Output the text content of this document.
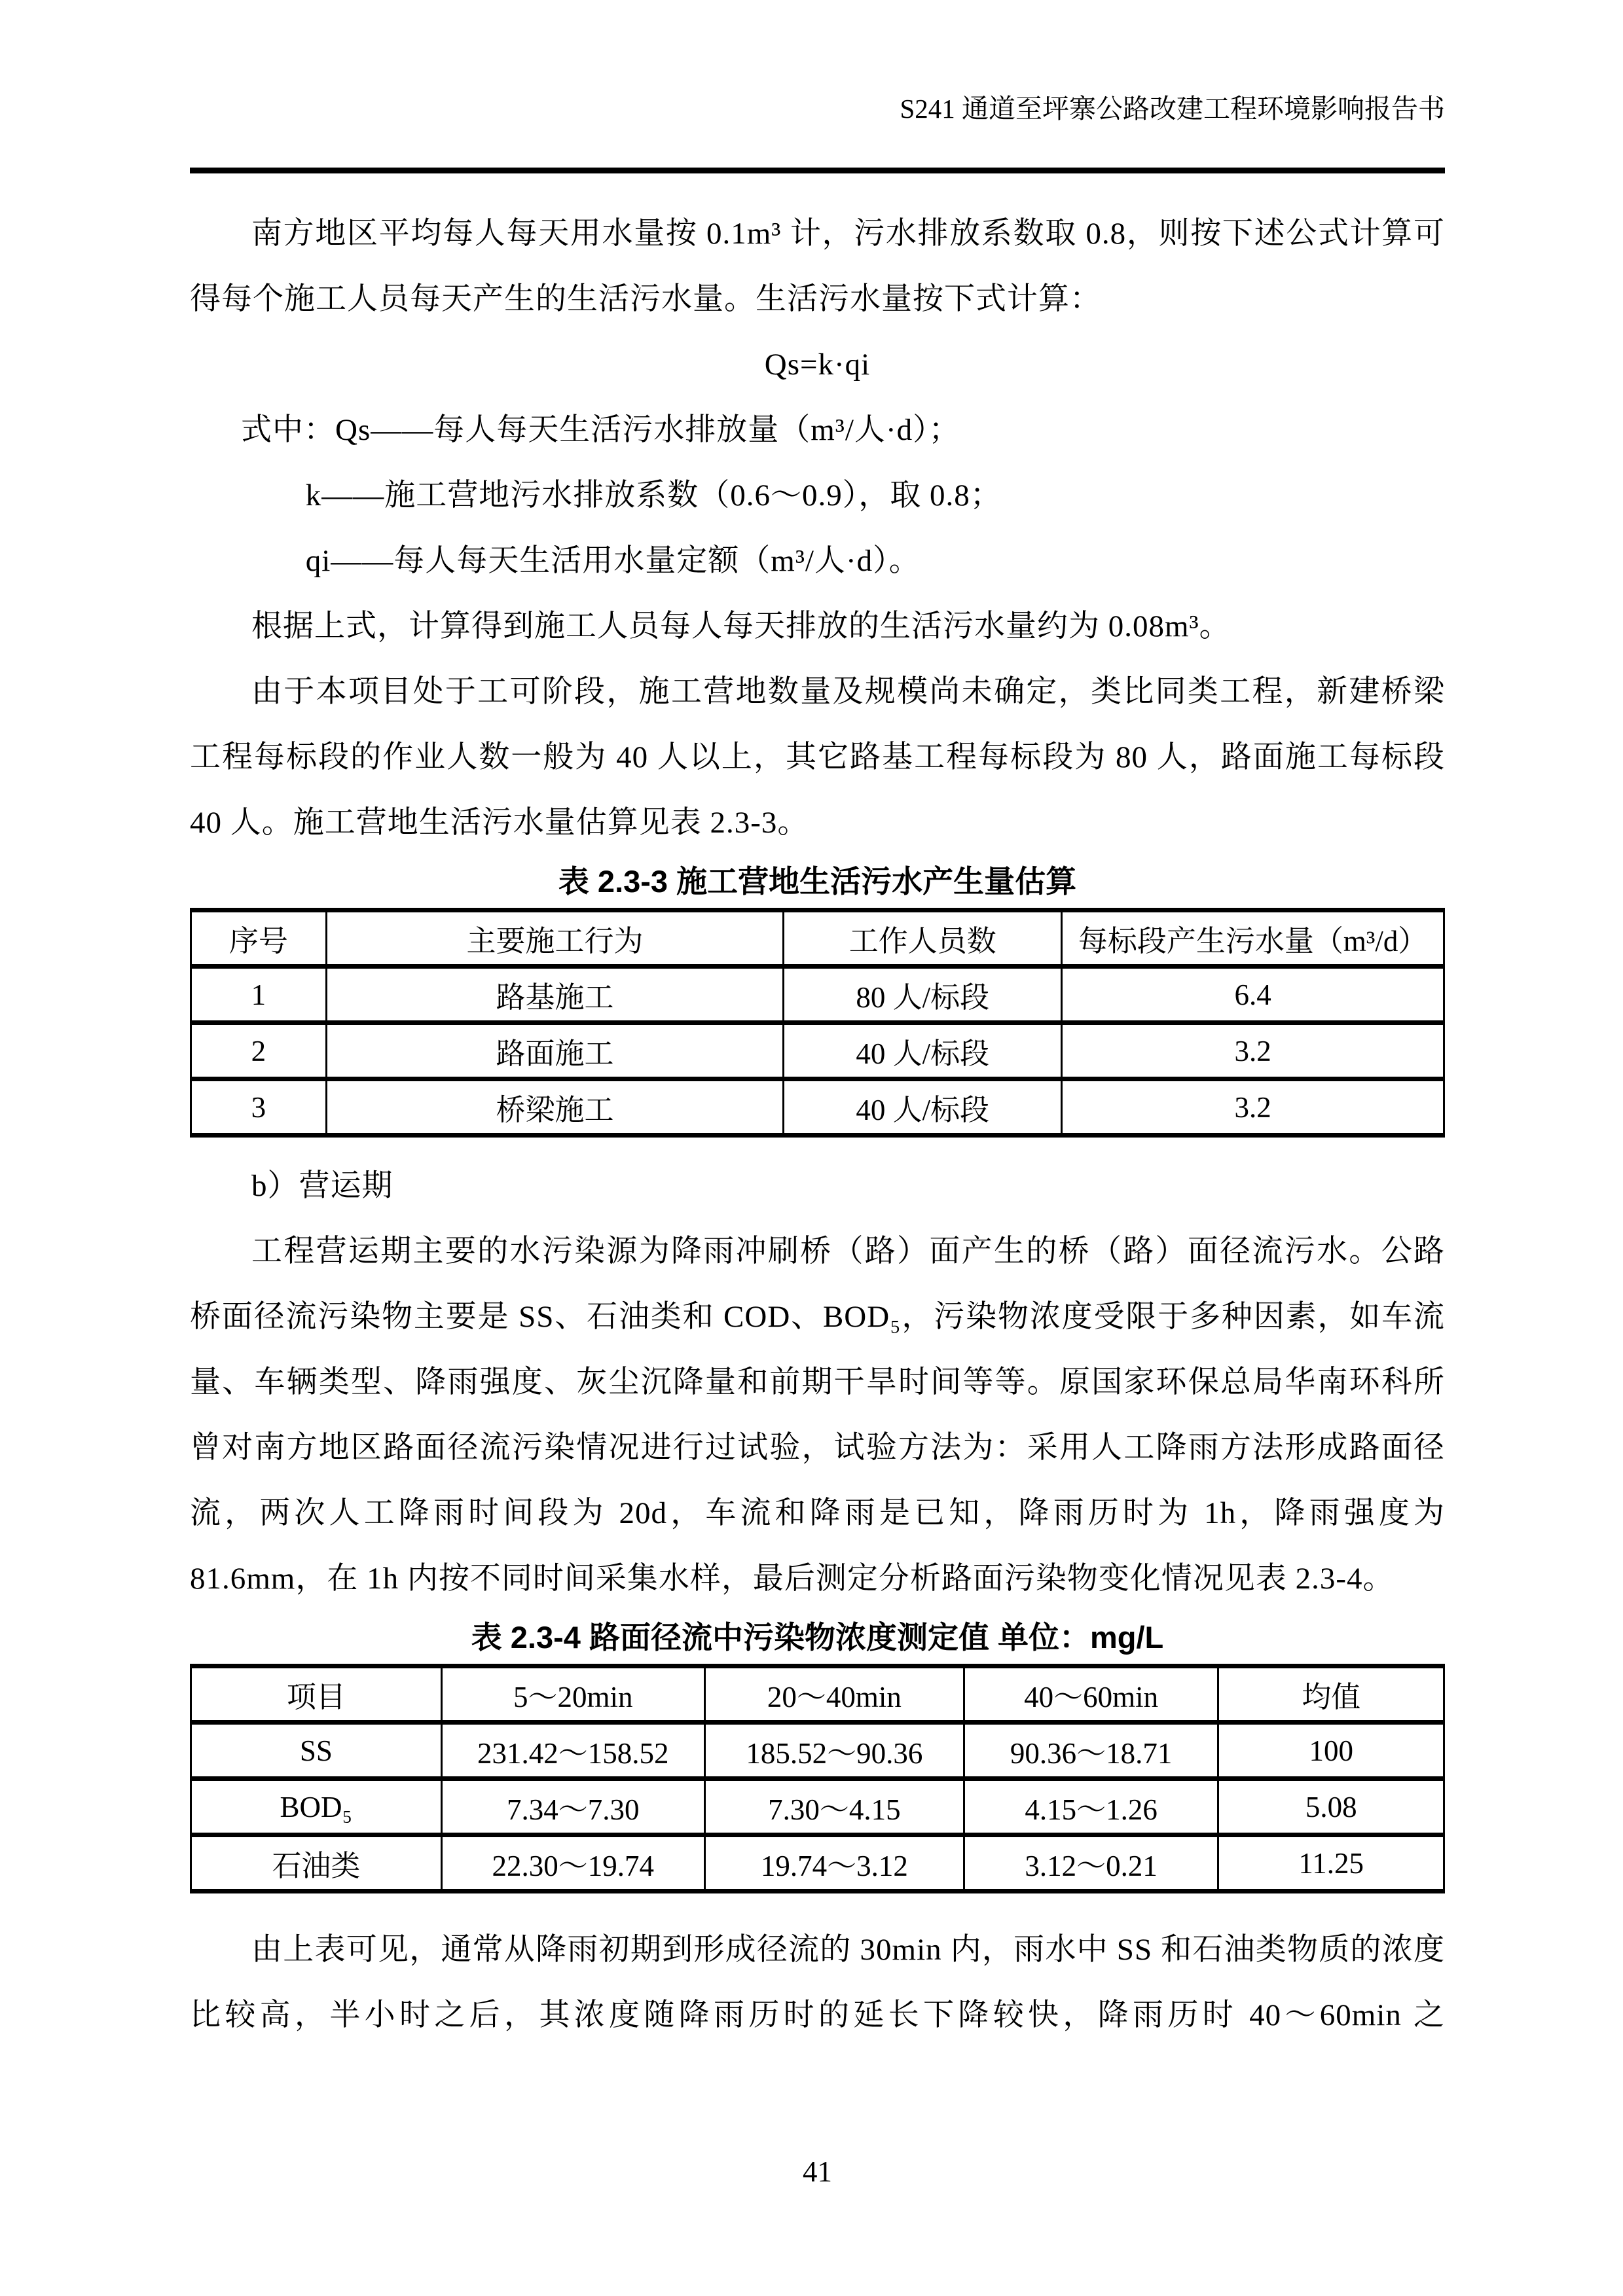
S241 通道至坪寨公路改建工程环境影响报告书

南方地区平均每人每天用水量按 0.1m³ 计，污水排放系数取 0.8，则按下述公式计算可得每个施工人员每天产生的生活污水量。生活污水量按下式计算：

Qs=k·qi

式中：Qs——每人每天生活污水排放量（m³/人·d）；

k——施工营地污水排放系数（0.6～0.9），取 0.8；

qi——每人每天生活用水量定额（m³/人·d）。

根据上式，计算得到施工人员每人每天排放的生活污水量约为 0.08m³。

由于本项目处于工可阶段，施工营地数量及规模尚未确定，类比同类工程，新建桥梁工程每标段的作业人数一般为 40 人以上，其它路基工程每标段为 80 人，路面施工每标段 40 人。施工营地生活污水量估算见表 2.3-3。

表 2.3-3 施工营地生活污水产生量估算

序号	主要施工行为	工作人员数	每标段产生污水量（m³/d）
1	路基施工	80 人/标段	6.4
2	路面施工	40 人/标段	3.2
3	桥梁施工	40 人/标段	3.2

b）营运期

工程营运期主要的水污染源为降雨冲刷桥（路）面产生的桥（路）面径流污水。公路桥面径流污染物主要是 SS、石油类和 COD、BOD₅，污染物浓度受限于多种因素，如车流量、车辆类型、降雨强度、灰尘沉降量和前期干旱时间等等。原国家环保总局华南环科所曾对南方地区路面径流污染情况进行过试验，试验方法为：采用人工降雨方法形成路面径流，两次人工降雨时间段为 20d，车流和降雨是已知，降雨历时为 1h，降雨强度为 81.6mm，在 1h 内按不同时间采集水样，最后测定分析路面污染物变化情况见表 2.3-4。

表 2.3-4 路面径流中污染物浓度测定值 单位：mg/L

项目	5～20min	20～40min	40～60min	均值
SS	231.42～158.52	185.52～90.36	90.36～18.71	100
BOD₅	7.34～7.30	7.30～4.15	4.15～1.26	5.08
石油类	22.30～19.74	19.74～3.12	3.12～0.21	11.25

由上表可见，通常从降雨初期到形成径流的 30min 内，雨水中 SS 和石油类物质的浓度比较高，半小时之后，其浓度随降雨历时的延长下降较快，降雨历时 40～60min 之

41
